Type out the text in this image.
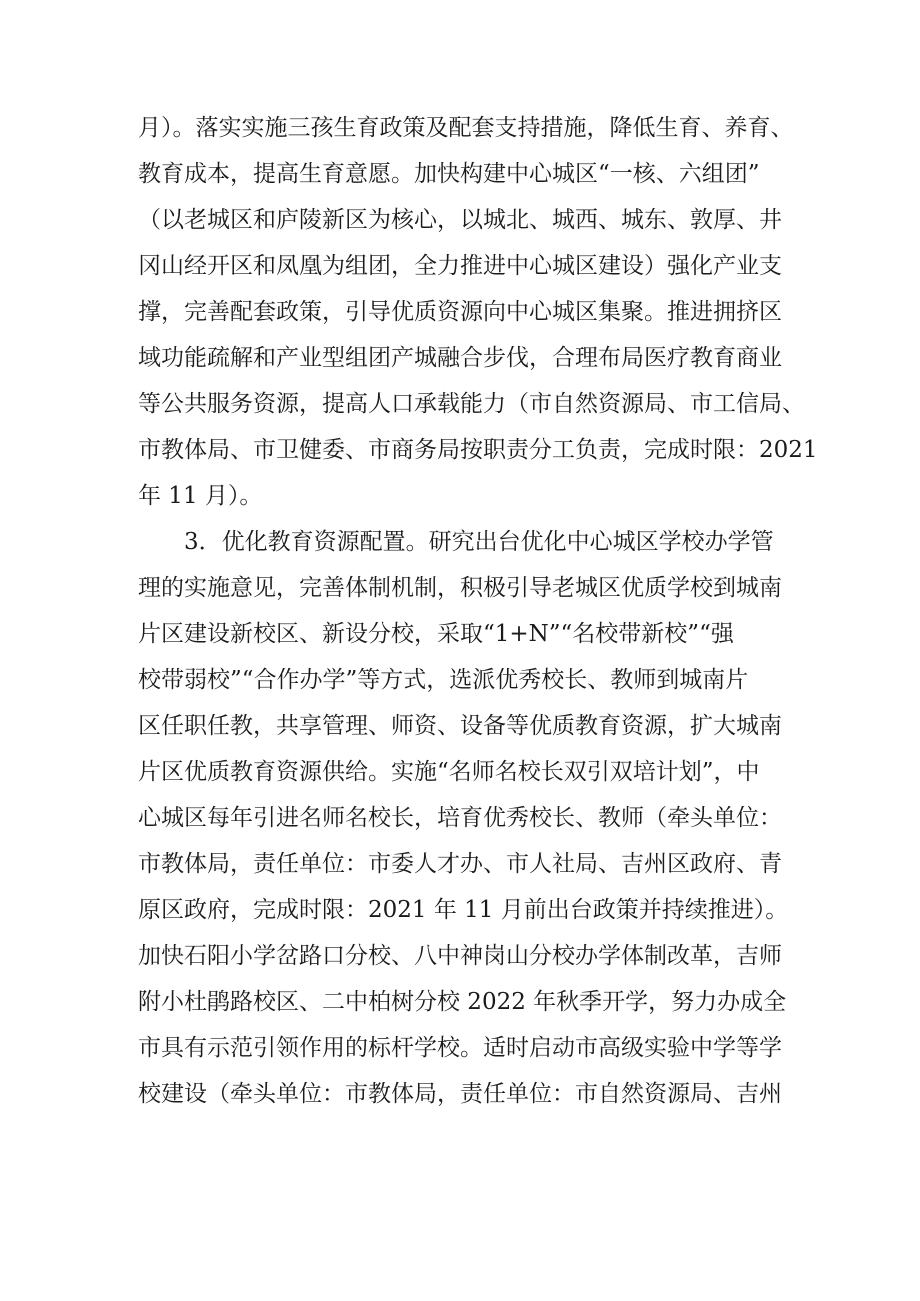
月）。落实实施三孩生育政策及配套支持措施，降低生育、养育、
教育成本，提高生育意愿。加快构建中心城区“一核、六组团”
（以老城区和庐陵新区为核心，以城北、城西、城东、敦厚、井
冈山经开区和凤凰为组团，全力推进中心城区建设）强化产业支
撑，完善配套政策，引导优质资源向中心城区集聚。推进拥挤区
域功能疏解和产业型组团产城融合步伐，合理布局医疗教育商业
等公共服务资源，提高人口承载能力（市自然资源局、市工信局、
市教体局、市卫健委、市商务局按职责分工负责，完成时限：2021
年 11 月）。
3．优化教育资源配置。研究出台优化中心城区学校办学管
理的实施意见，完善体制机制，积极引导老城区优质学校到城南
片区建设新校区、新设分校，采取“1+N”“名校带新校”“强
校带弱校”“合作办学”等方式，选派优秀校长、教师到城南片
区任职任教，共享管理、师资、设备等优质教育资源，扩大城南
片区优质教育资源供给。实施“名师名校长双引双培计划”，中
心城区每年引进名师名校长，培育优秀校长、教师（牵头单位：
市教体局，责任单位：市委人才办、市人社局、吉州区政府、青
原区政府，完成时限：2021 年 11 月前出台政策并持续推进）。
加快石阳小学岔路口分校、八中神岗山分校办学体制改革，吉师
附小杜鹃路校区、二中柏树分校 2022 年秋季开学，努力办成全
市具有示范引领作用的标杆学校。适时启动市高级实验中学等学
校建设（牵头单位：市教体局，责任单位：市自然资源局、吉州
